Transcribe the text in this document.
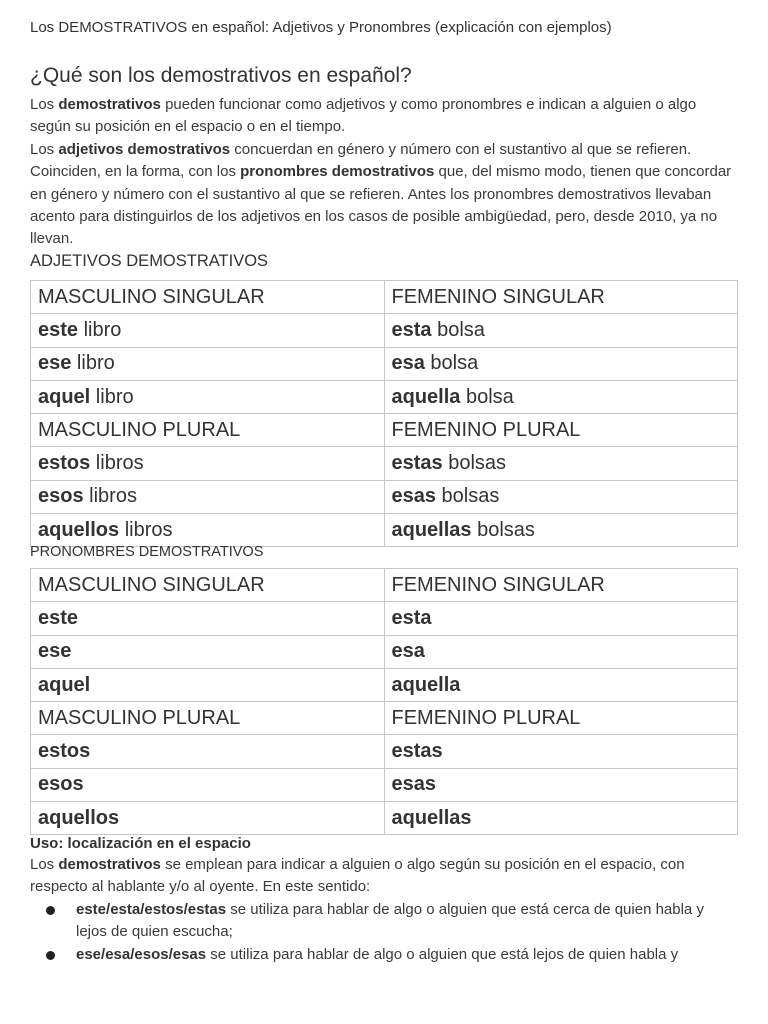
Los DEMOSTRATIVOS en español: Adjetivos y Pronombres (explicación con ejemplos)
¿Qué son los demostrativos en español?
Los demostrativos pueden funcionar como adjetivos y como pronombres e indican a alguien o algo según su posición en el espacio o en el tiempo.
Los adjetivos demostrativos concuerdan en género y número con el sustantivo al que se refieren. Coinciden, en la forma, con los pronombres demostrativos que, del mismo modo, tienen que concordar en género y número con el sustantivo al que se refieren. Antes los pronombres demostrativos llevaban acento para distinguirlos de los adjetivos en los casos de posible ambigüedad, pero, desde 2010, ya no llevan.
ADJETIVOS DEMOSTRATIVOS
MASCULINO SINGULAR	FEMENINO SINGULAR
este libro	esta bolsa
ese libro	esa bolsa
aquel libro	aquella bolsa
MASCULINO PLURAL	FEMENINO PLURAL
estos libros	estas bolsas
esos libros	esas bolsas
aquellos libros	aquellas bolsas
PRONOMBRES DEMOSTRATIVOS
MASCULINO SINGULAR	FEMENINO SINGULAR
este	esta
ese	esa
aquel	aquella
MASCULINO PLURAL	FEMENINO PLURAL
estos	estas
esos	esas
aquellos	aquellas
Uso: localización en el espacio
Los demostrativos se emplean para indicar a alguien o algo según su posición en el espacio, con respecto al hablante y/o al oyente. En este sentido:
este/esta/estos/estas se utiliza para hablar de algo o alguien que está cerca de quien habla y lejos de quien escucha;
ese/esa/esos/esas se utiliza para hablar de algo o alguien que está lejos de quien habla y
